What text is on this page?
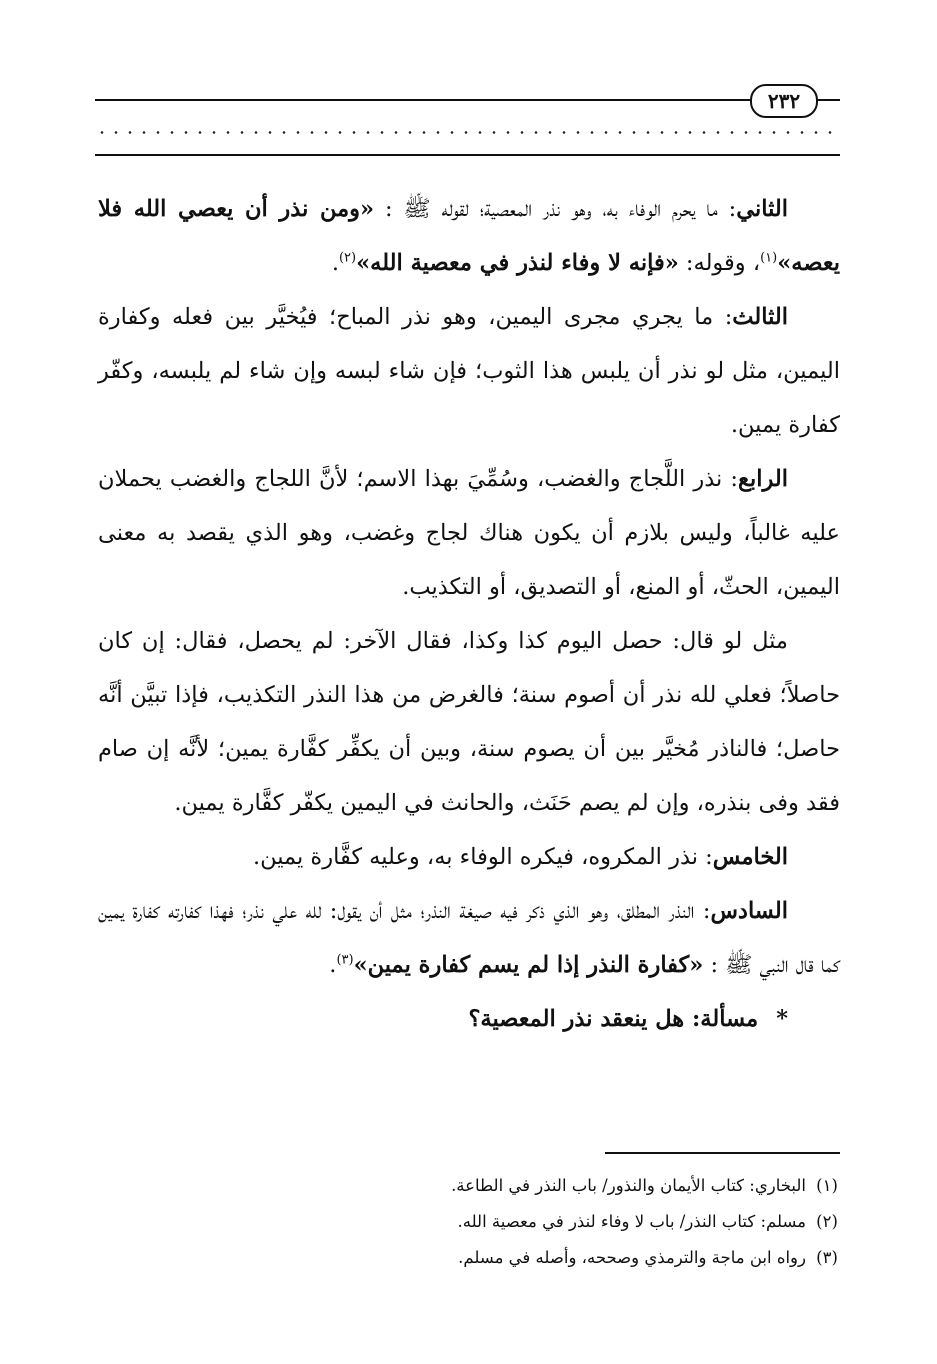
٢٣٢

الثاني: ما يحرم الوفاء به، وهو نذر المعصية؛ لقوله ﷺ : «ومن نذر أن يعصي الله فلا يعصه»$^{(١)}$، وقوله: «فإنه لا وفاء لنذر في معصية الله»$^{(٢)}$.

الثالث: ما يجري مجرى اليمين، وهو نذر المباح؛ فيُخيَّر بين فعله وكفارة اليمين، مثل لو نذر أن يلبس هذا الثوب؛ فإن شاء لبسه وإن شاء لم يلبسه، وكفّر كفارة يمين.

الرابع: نذر اللَّجاج والغضب، وسُمِّيَ بهذا الاسم؛ لأنَّ اللجاج والغضب يحملان عليه غالباً، وليس بلازم أن يكون هناك لجاج وغضب، وهو الذي يقصد به معنى اليمين، الحثّ، أو المنع، أو التصديق، أو التكذيب.

مثل لو قال: حصل اليوم كذا وكذا، فقال الآخر: لم يحصل، فقال: إن كان حاصلاً؛ فعلي لله نذر أن أصوم سنة؛ فالغرض من هذا النذر التكذيب، فإذا تبيَّن أنَّه حاصل؛ فالناذر مُخيَّر بين أن يصوم سنة، وبين أن يكفِّر كفَّارة يمين؛ لأنَّه إن صام فقد وفى بنذره، وإن لم يصم حَنَث، والحانث في اليمين يكفّر كفَّارة يمين.

الخامس: نذر المكروه، فيكره الوفاء به، وعليه كفَّارة يمين.

السادس: النذر المطلق، وهو الذي ذكر فيه صيغة النذر؛ مثل أن يقول: لله علي نذر؛ فهذا كفارته كفارة يمين كما قال النبي ﷺ : «كفارة النذر إذا لم يسم كفارة يمين»$^{(٣)}$.

*مسألة: هل ينعقد نذر المعصية؟

(١)
البخاري: كتاب الأيمان والنذور/ باب النذر في الطاعة.
(٢)
مسلم: كتاب النذر/ باب لا وفاء لنذر في معصية الله.
(٣)
رواه ابن ماجة والترمذي وصححه، وأصله في مسلم.
